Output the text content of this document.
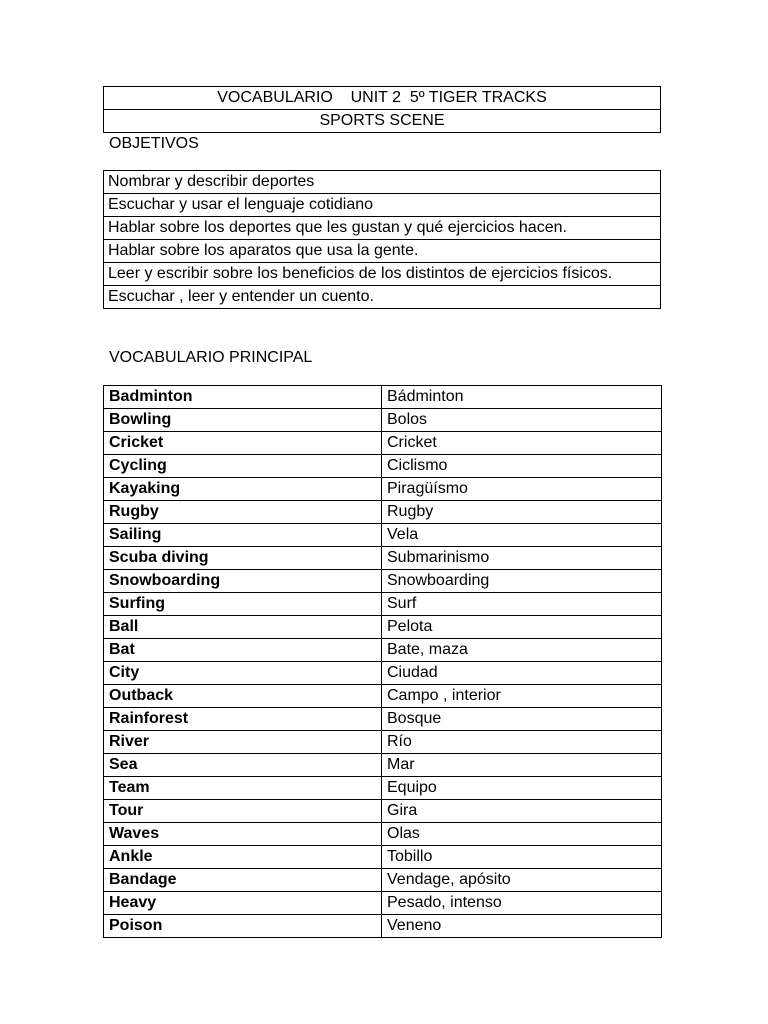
VOCABULARIO    UNIT 2  5º TIGER TRACKS
SPORTS SCENE
OBJETIVOS
Nombrar y describir deportes
Escuchar y usar el lenguaje cotidiano
Hablar sobre los deportes que les gustan y qué ejercicios hacen.
Hablar sobre los aparatos que usa la gente.
Leer y escribir sobre los beneficios de los distintos de ejercicios físicos.
Escuchar , leer y entender un cuento.
VOCABULARIO PRINCIPAL
Badminton	Bádminton
Bowling	Bolos
Cricket	Cricket
Cycling	Ciclismo
Kayaking	Piragüísmo
Rugby	Rugby
Sailing	Vela
Scuba diving	Submarinismo
Snowboarding	Snowboarding
Surfing	Surf
Ball	Pelota
Bat	Bate, maza
City	Ciudad
Outback	Campo , interior
Rainforest	Bosque
River	Río
Sea	Mar
Team	Equipo
Tour	Gira
Waves	Olas
Ankle	Tobillo
Bandage	Vendage, apósito
Heavy	Pesado, intenso
Poison	Veneno
